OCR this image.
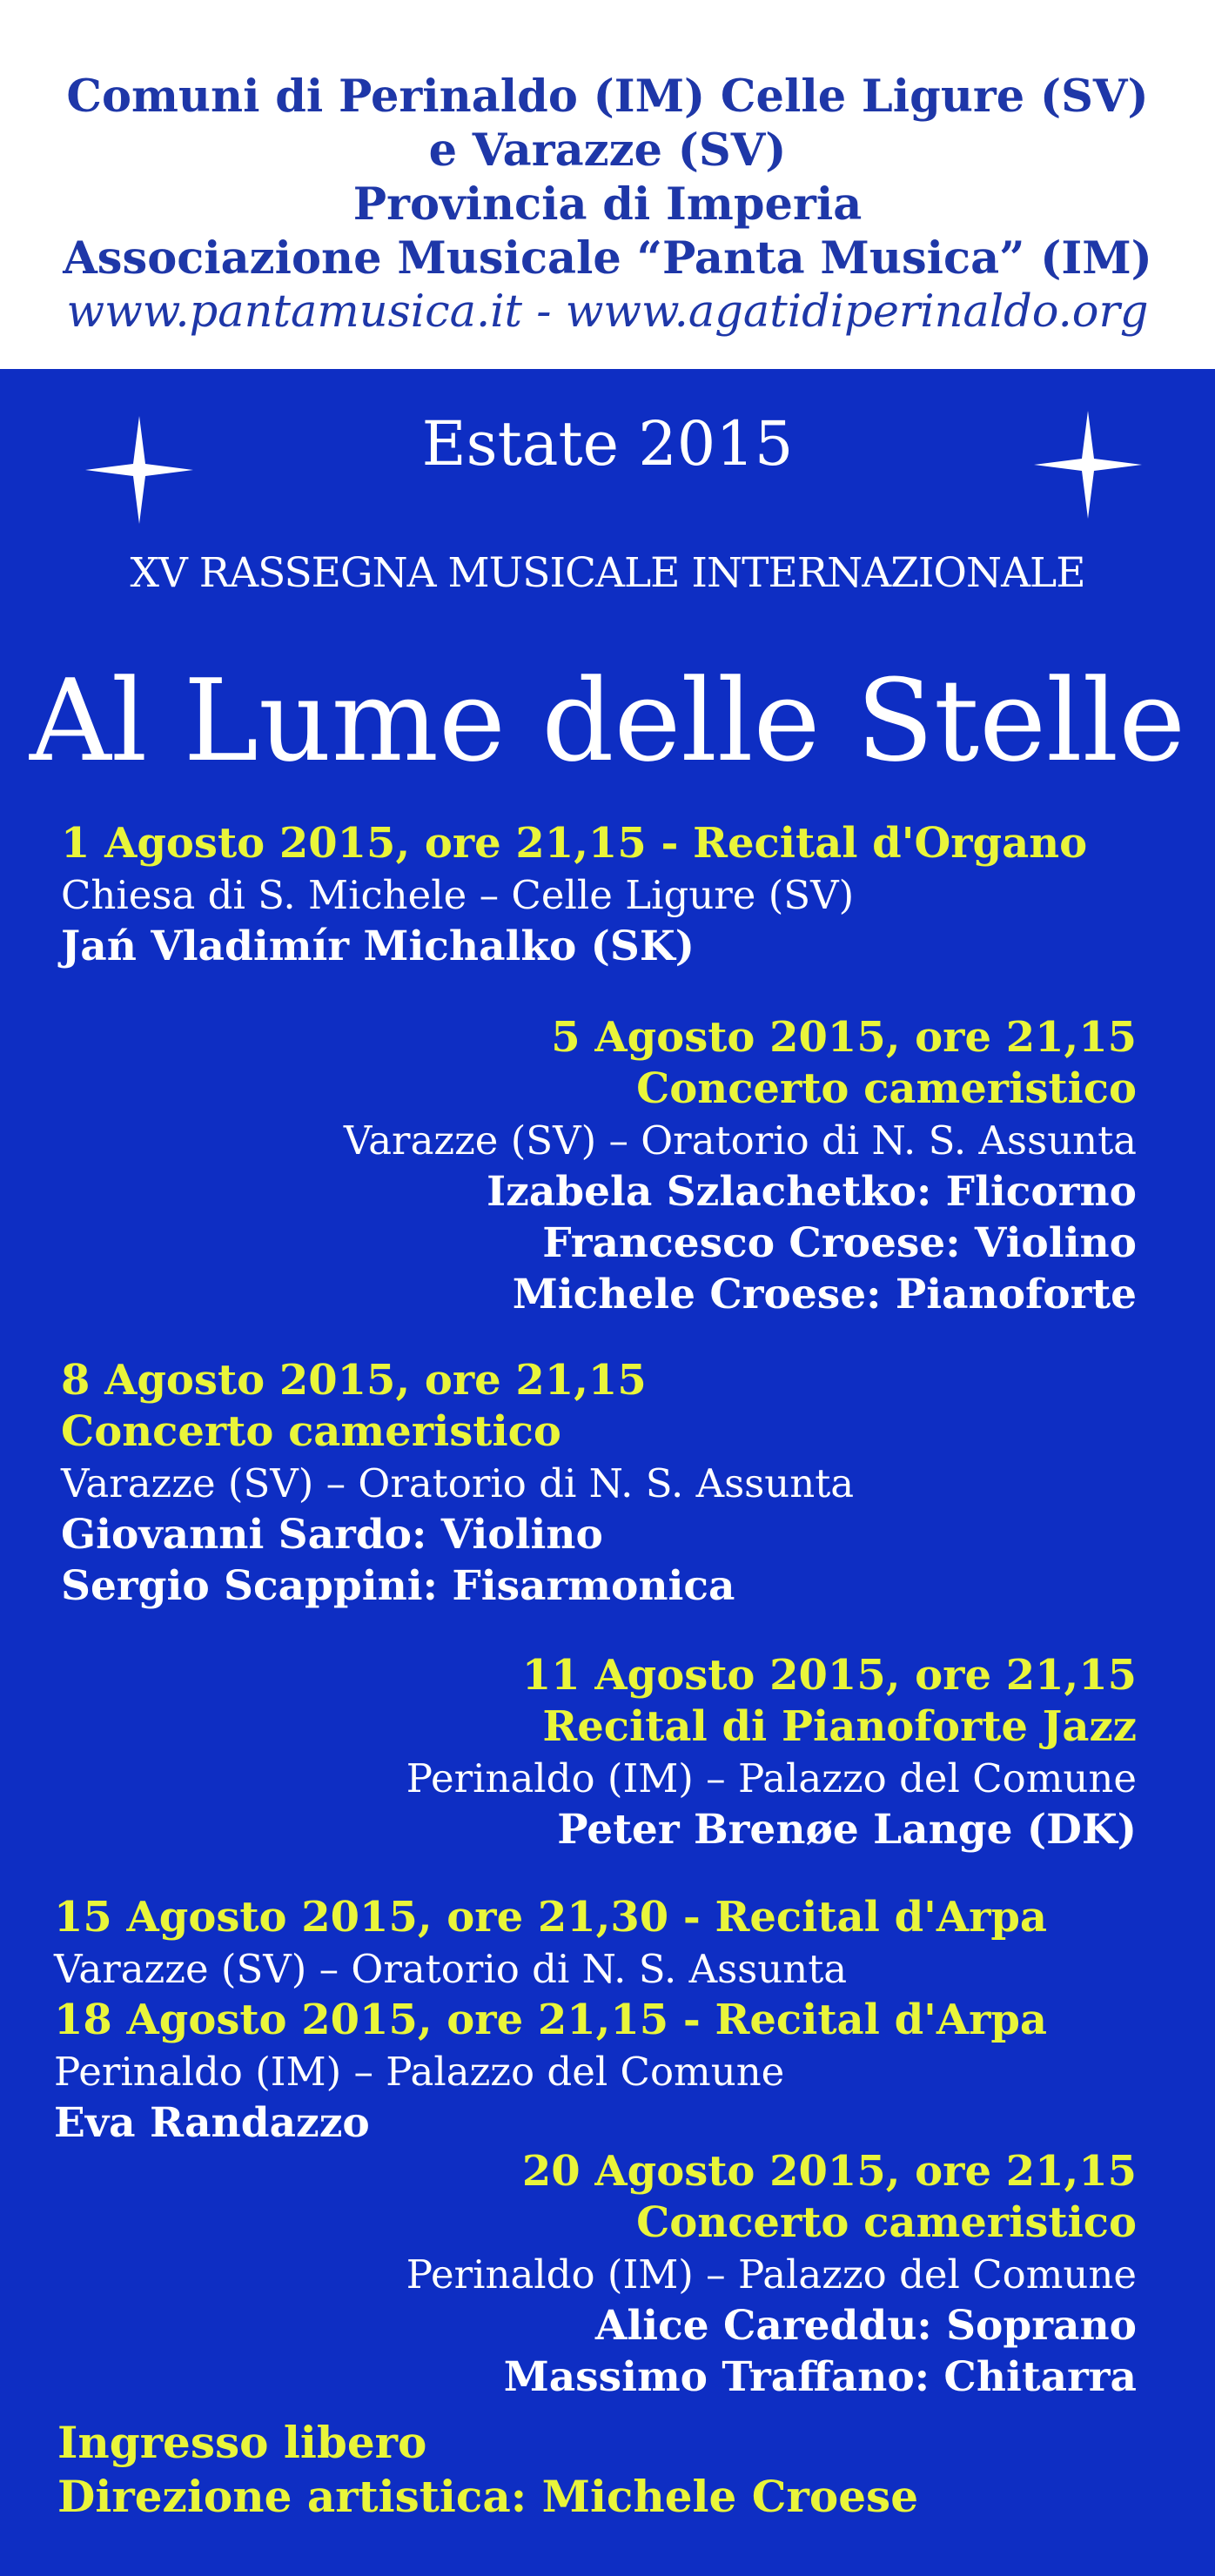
Comuni di Perinaldo (IM) Celle Ligure (SV)
e Varazze (SV)
Provincia di Imperia
Associazione Musicale “Panta Musica” (IM)
www.pantamusica.it - www.agatidiperinaldo.org
Estate 2015
XV RASSEGNA MUSICALE INTERNAZIONALE
Al Lume delle Stelle
1 Agosto 2015, ore 21,15 - Recital d'Organo
Chiesa di S. Michele – Celle Ligure (SV)
Jań Vladimír Michalko (SK)
5 Agosto 2015, ore 21,15
Concerto cameristico
Varazze (SV) – Oratorio di N. S. Assunta
Izabela Szlachetko: Flicorno
Francesco Croese: Violino
Michele Croese: Pianoforte
8 Agosto 2015, ore 21,15
Concerto cameristico
Varazze (SV) – Oratorio di N. S. Assunta
Giovanni Sardo: Violino
Sergio Scappini: Fisarmonica
11 Agosto 2015, ore 21,15
Recital di Pianoforte Jazz
Perinaldo (IM) – Palazzo del Comune
Peter Brenøe Lange (DK)
15 Agosto 2015, ore 21,30 - Recital d'Arpa
Varazze (SV) – Oratorio di N. S. Assunta
18 Agosto 2015, ore 21,15 - Recital d'Arpa
Perinaldo (IM) – Palazzo del Comune
Eva Randazzo
20 Agosto 2015, ore 21,15
Concerto cameristico
Perinaldo (IM) – Palazzo del Comune
Alice Careddu: Soprano
Massimo Traffano: Chitarra
Ingresso libero
Direzione artistica: Michele Croese
